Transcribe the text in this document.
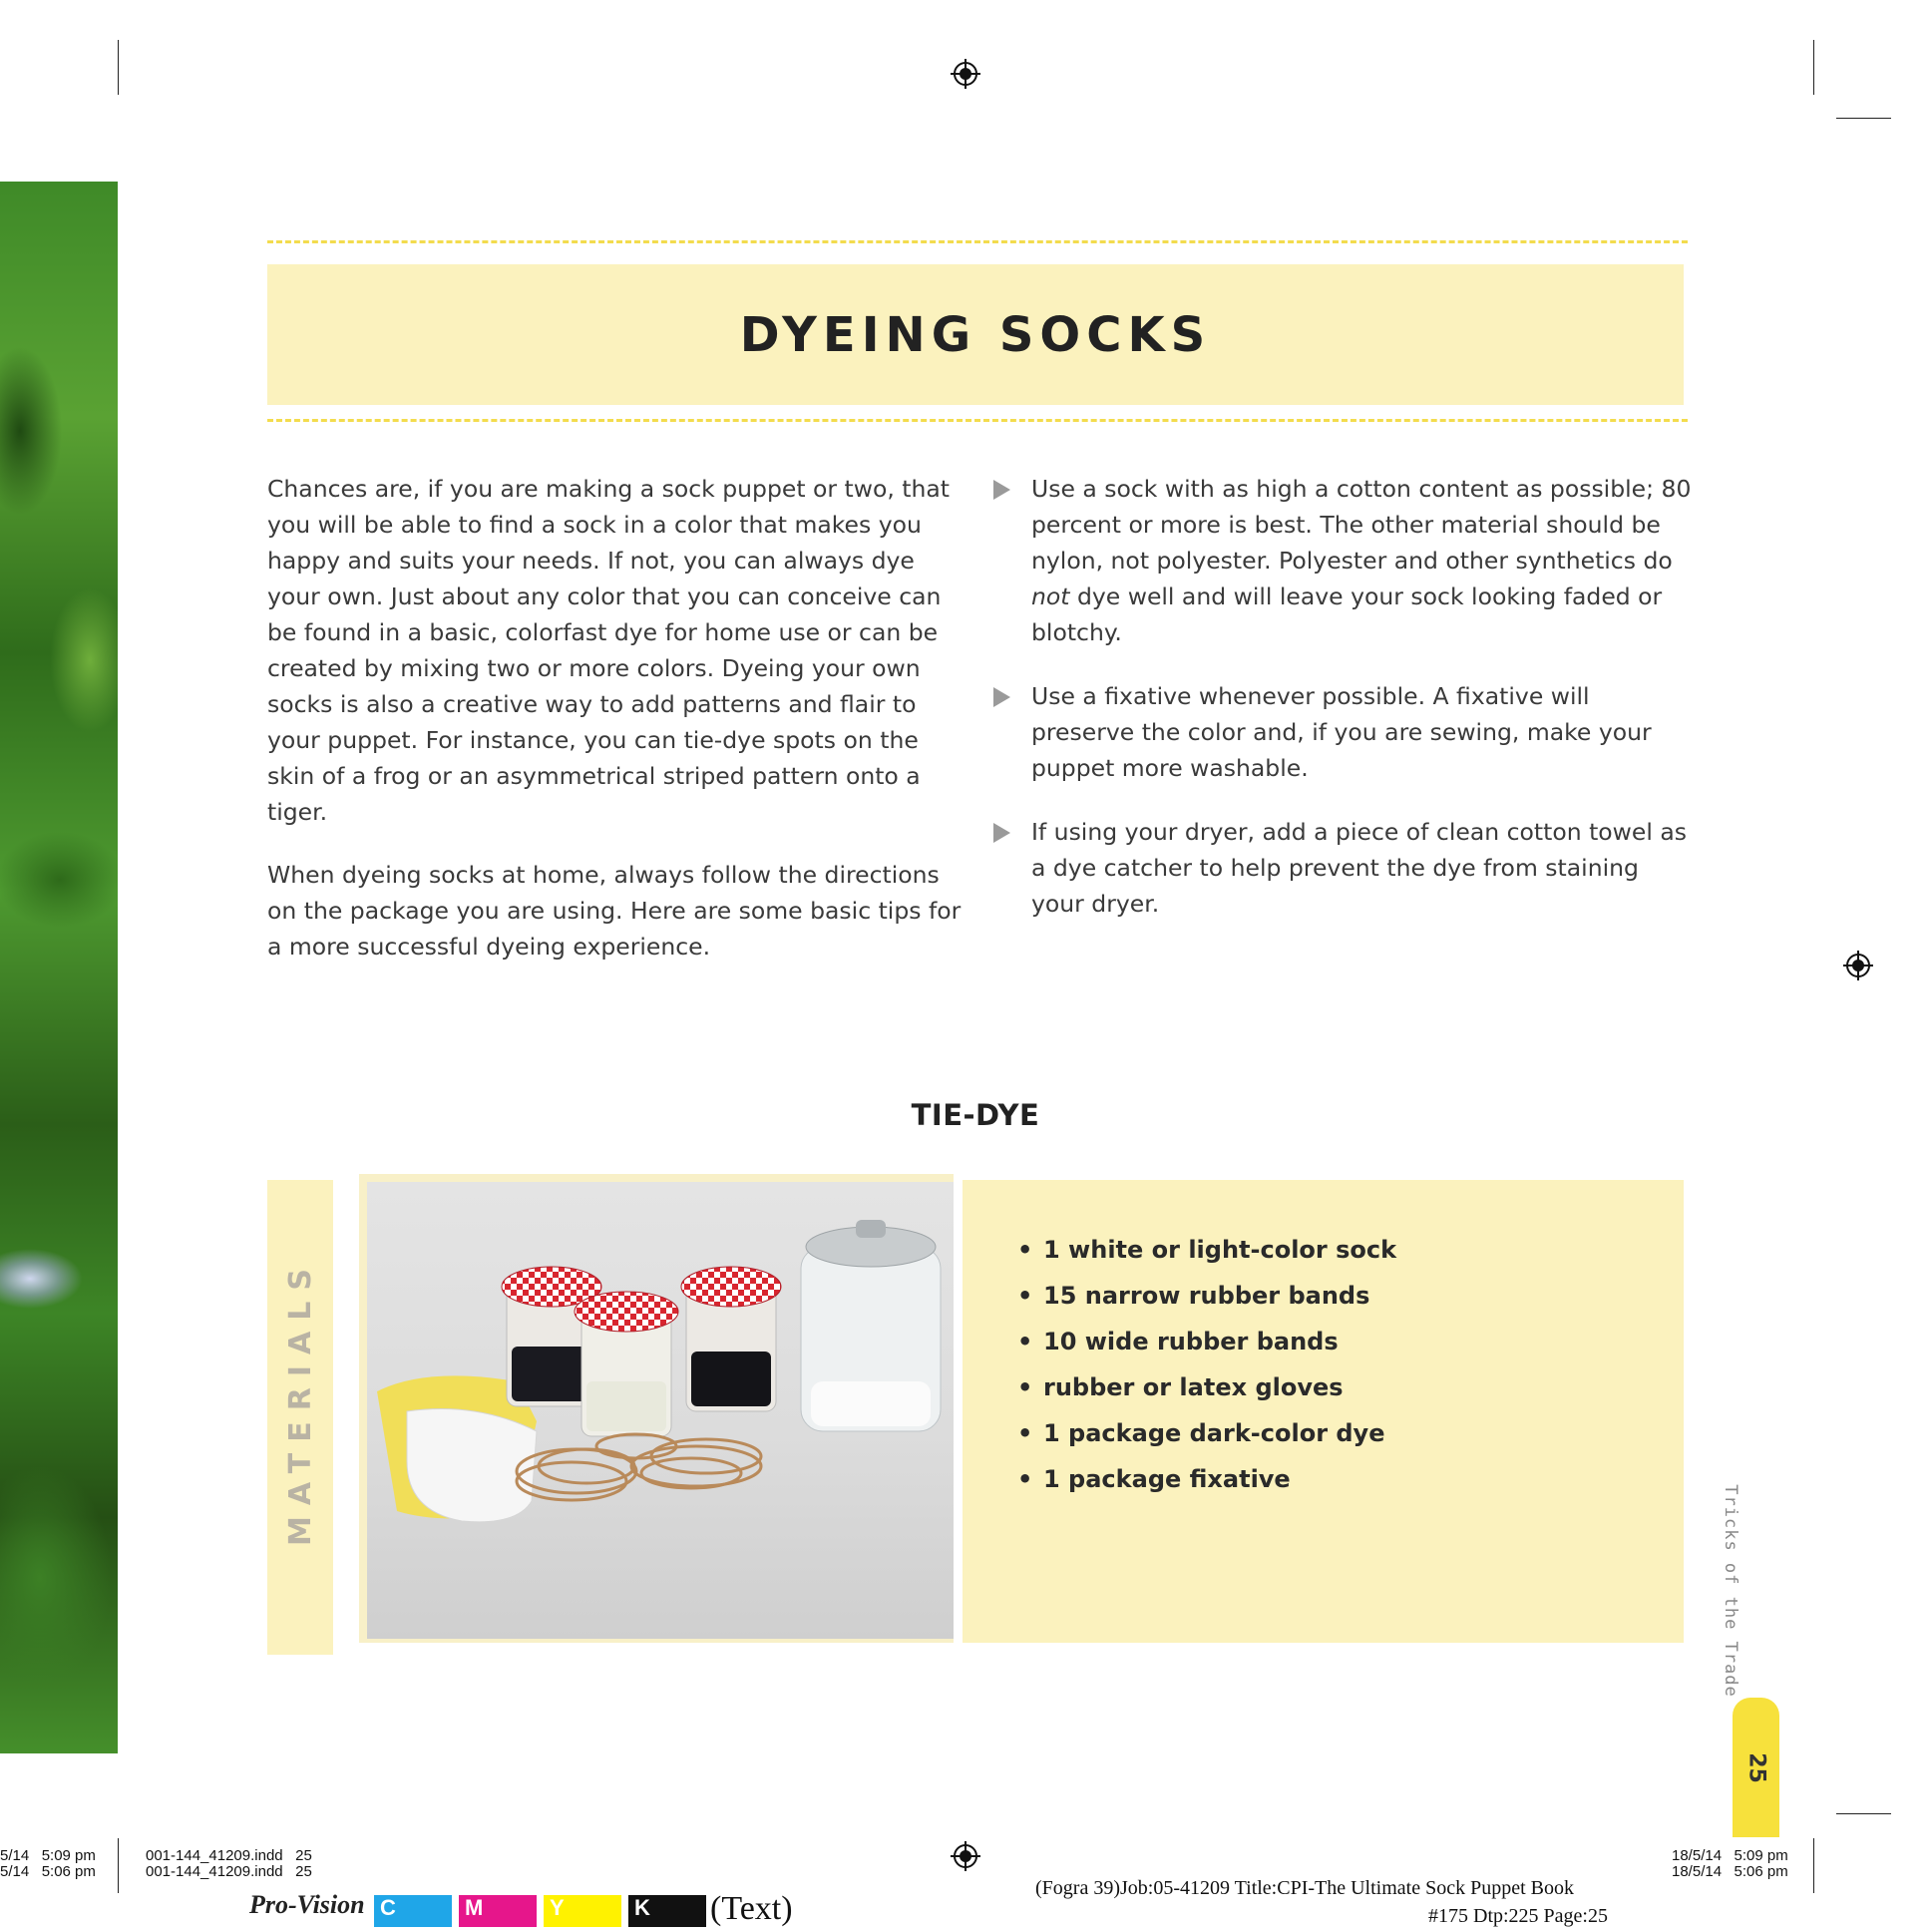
DYEING SOCKS

Chances are, if you are making a sock puppet or two, that you will be able to find a sock in a color that makes you happy and suits your needs. If not, you can always dye your own. Just about any color that you can conceive can be found in a basic, colorfast dye for home use or can be created by mixing two or more colors. Dyeing your own socks is also a creative way to add patterns and flair to your puppet. For instance, you can tie-dye spots on the skin of a frog or an asymmetrical striped pattern onto a tiger.

When dyeing socks at home, always follow the directions on the package you are using. Here are some basic tips for a more successful dyeing experience.

Use a sock with as high a cotton content as possible; 80 percent or more is best. The other material should be nylon, not polyester. Polyester and other synthetics do not dye well and will leave your sock looking faded or blotchy.
Use a fixative whenever possible. A fixative will preserve the color and, if you are sewing, make your puppet more washable.
If using your dryer, add a piece of clean cotton towel as a dye catcher to help prevent the dye from staining your dryer.
TIE-DYE
MATERIALS
• 1 white or light-color sock
• 15 narrow rubber bands
• 10 wide rubber bands
• rubber or latex gloves
• 1 package dark-color dye
• 1 package fixative
Tricks of the Trade
25
5/14   5:09 pm
5/14   5:06 pm
001-144_41209.indd   25
001-144_41209.indd   25
18/5/14   5:09 pm
18/5/14   5:06 pm
(Fogra 39)Job:05-41209 Title:CPI-The Ultimate Sock Puppet Book
#175 Dtp:225 Page:25
Pro-Vision C	M	Y	K	(Text)
